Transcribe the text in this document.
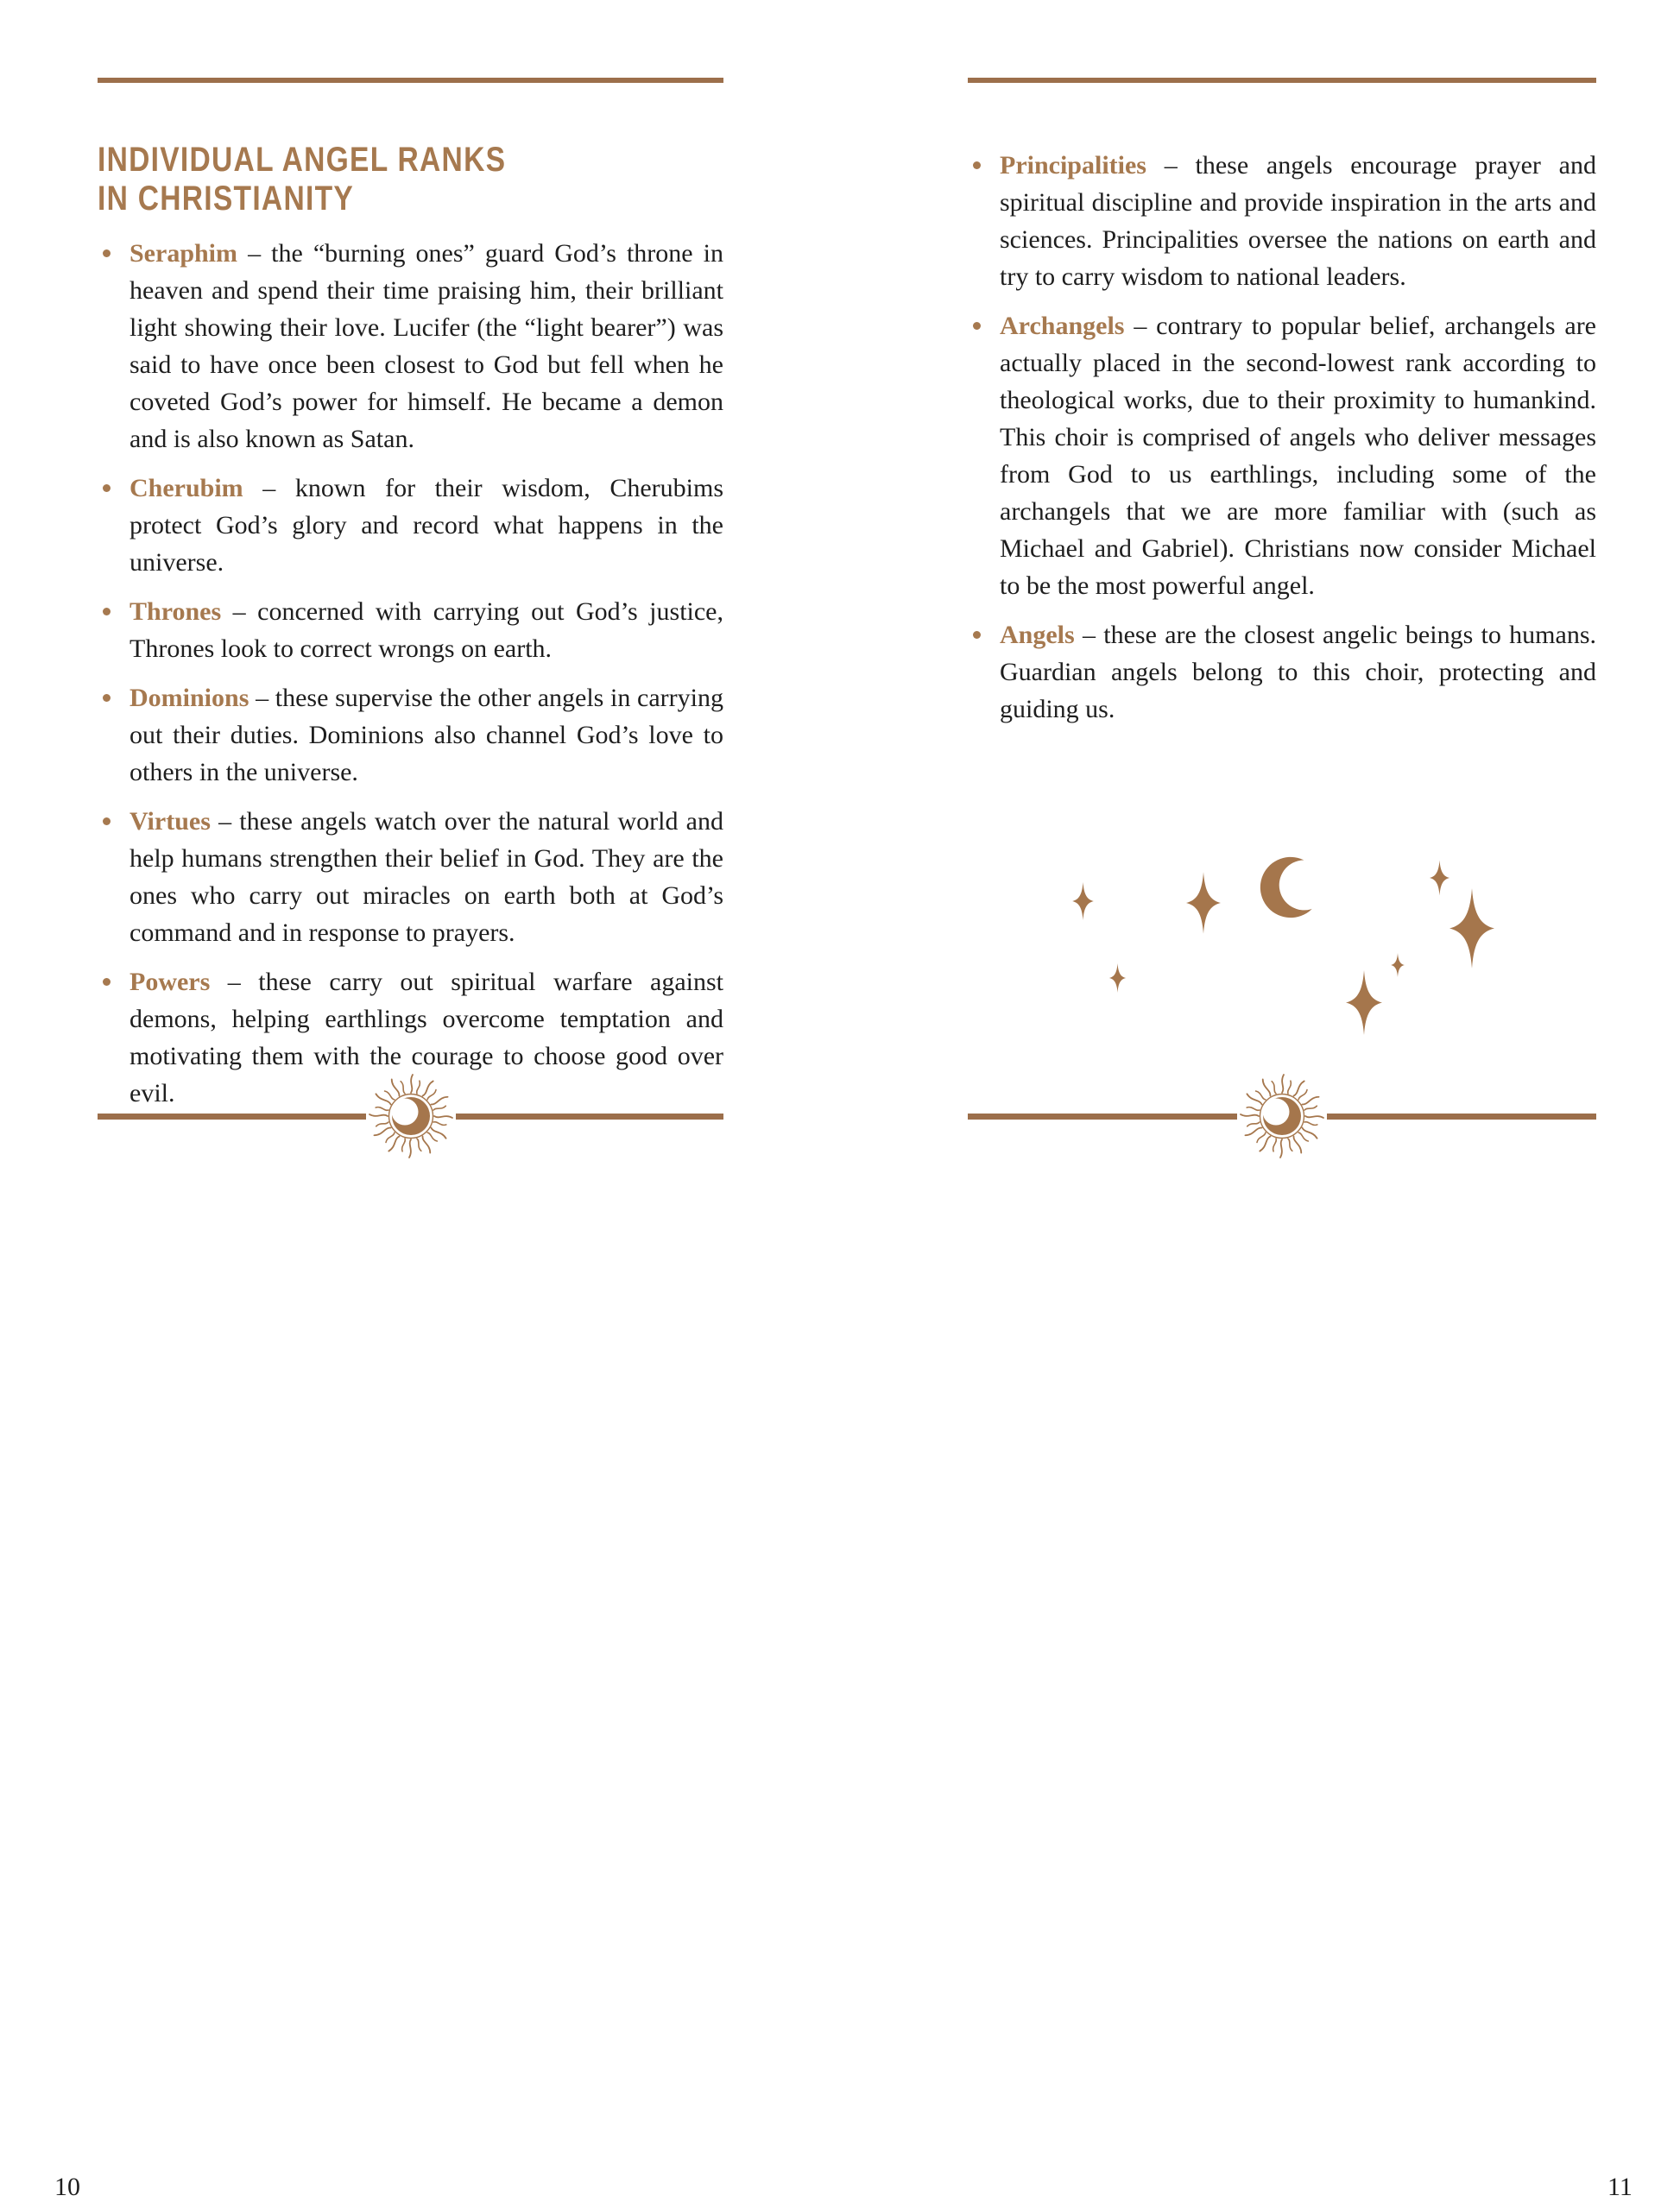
INDIVIDUAL ANGEL RANKS
IN CHRISTIANITY
Seraphim – the “burning ones” guard God’s throne in heaven and spend their time praising him, their brilliant light showing their love. Lucifer (the “light bearer”) was said to have once been closest to God but fell when he coveted God’s power for himself. He became a demon and is also known as Satan.
Cherubim – known for their wisdom, Cherubims protect God’s glory and record what happens in the universe.
Thrones – concerned with carrying out God’s justice, Thrones look to correct wrongs on earth.
Dominions – these supervise the other angels in carrying out their duties. Dominions also channel God’s love to others in the universe.
Virtues – these angels watch over the natural world and help humans strengthen their belief in God. They are the ones who carry out miracles on earth both at God’s command and in response to prayers.
Powers – these carry out spiritual warfare against demons, helping earthlings overcome temptation and motivating them with the courage to choose good over evil.
10
Principalities – these angels encourage prayer and spiritual discipline and provide inspiration in the arts and sciences. Principalities oversee the nations on earth and try to carry wisdom to national leaders.
Archangels – contrary to popular belief, archangels are actually placed in the second-lowest rank according to theological works, due to their proximity to humankind. This choir is comprised of angels who deliver messages from God to us earthlings, including some of the archangels that we are more familiar with (such as Michael and Gabriel). Christians now consider Michael to be the most powerful angel.
Angels – these are the closest angelic beings to humans. Guardian angels belong to this choir, protecting and guiding us.
11
